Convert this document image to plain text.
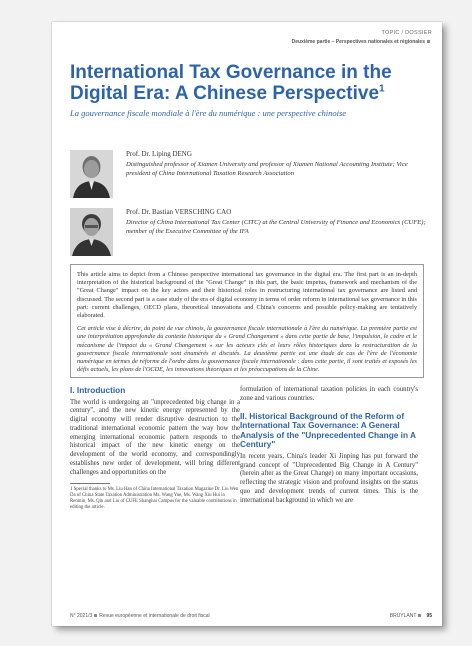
TOPIC / DOSSIER
Deuxième partie – Perspectives nationales et régionales
International Tax Governance in the Digital Era: A Chinese Perspective$^1$
La gouvernance fiscale mondiale à l'ère du numérique : une perspective chinoise
Prof. Dr. Liping DENG
Distinguished professor of Xiamen University and professor of Xiamen National Accounting Institute; Vice president of China International Taxation Research Association
Prof. Dr. Bastian VERSCHING CAO
Director of China International Tax Center (CITC) at the Central University of Finance and Economics (CUFE); member of the Executive Committee of the IFA

This article aims to depict from a Chinese perspective international tax governance in the digital era. The first part is an in-depth interpretation of the historical background of the "Great Change" in this part, the basic impetus, framework and mechanism of the "Great Change" impact on the key actors and their historical roles in restructuring international tax governance are listed and discussed. The second part is a case study of the era of digital economy in terms of order reform in international tax governance in this part: current challenges, OECD plans, theoretical innovations and China's concerns and possible policy-making are tentatively elaborated.

Cet article vise à décrire, du point de vue chinois, la gouvernance fiscale internationale à l'ère du numérique. La première partie est une interprétation approfondie du contexte historique du « Grand Changement » dans cette partie de base, l'impulsion, le cadre et le mécanisme de l'impact du « Grand Changement » sur les acteurs clés et leurs rôles historiques dans la restructuration de la gouvernance fiscale internationale sont énumérés et discutés. La deuxième partie est une étude de cas de l'ère de l'économie numérique en termes de réforme de l'ordre dans la gouvernance fiscale internationale : dans cette partie, il sont traités et exposés les défis actuels, les plans de l'OCDE, les innovations théoriques et les préoccupations de la Chine.

I. Introduction

The world is undergoing an "unprecedented big change in a century", and the new kinetic energy represented by the digital economy will render disruptive destruction to the traditional international economic pattern the way how the emerging international economic pattern responds to the historical impact of the new kinetic energy on the development of the world economy, and correspondingly establishes new order of development, will bring different challenges and opportunities on the

1 Special thanks to Ms. Liu Han of China International Taxation Magazine Dr. Liu Wen Da of China State Taxation Administration Ms. Wang Yue, Ms. Wang Xiu Hui in Renmin, Ms. Qin and Liu of CUFE Shanghai Campus for the valuable contributions in editing the article.

formulation of international taxation policies in each country's zone and various countries.

II. Historical Background of the Reform of International Tax Governance: A General Analysis of the "Unprecedented Change in A Century"

In recent years, China's leader Xi Jinping has put forward the grand concept of "Unprecedented Big Change in A Century" (herein after as the Great Change) on many important occasions, reflecting the strategic vision and profound insights on the status quo and development trends of current times. This is the international background in which we are

N° 2021/3 Revue européenne et internationale de droit fiscal	BRUYLANT 95
